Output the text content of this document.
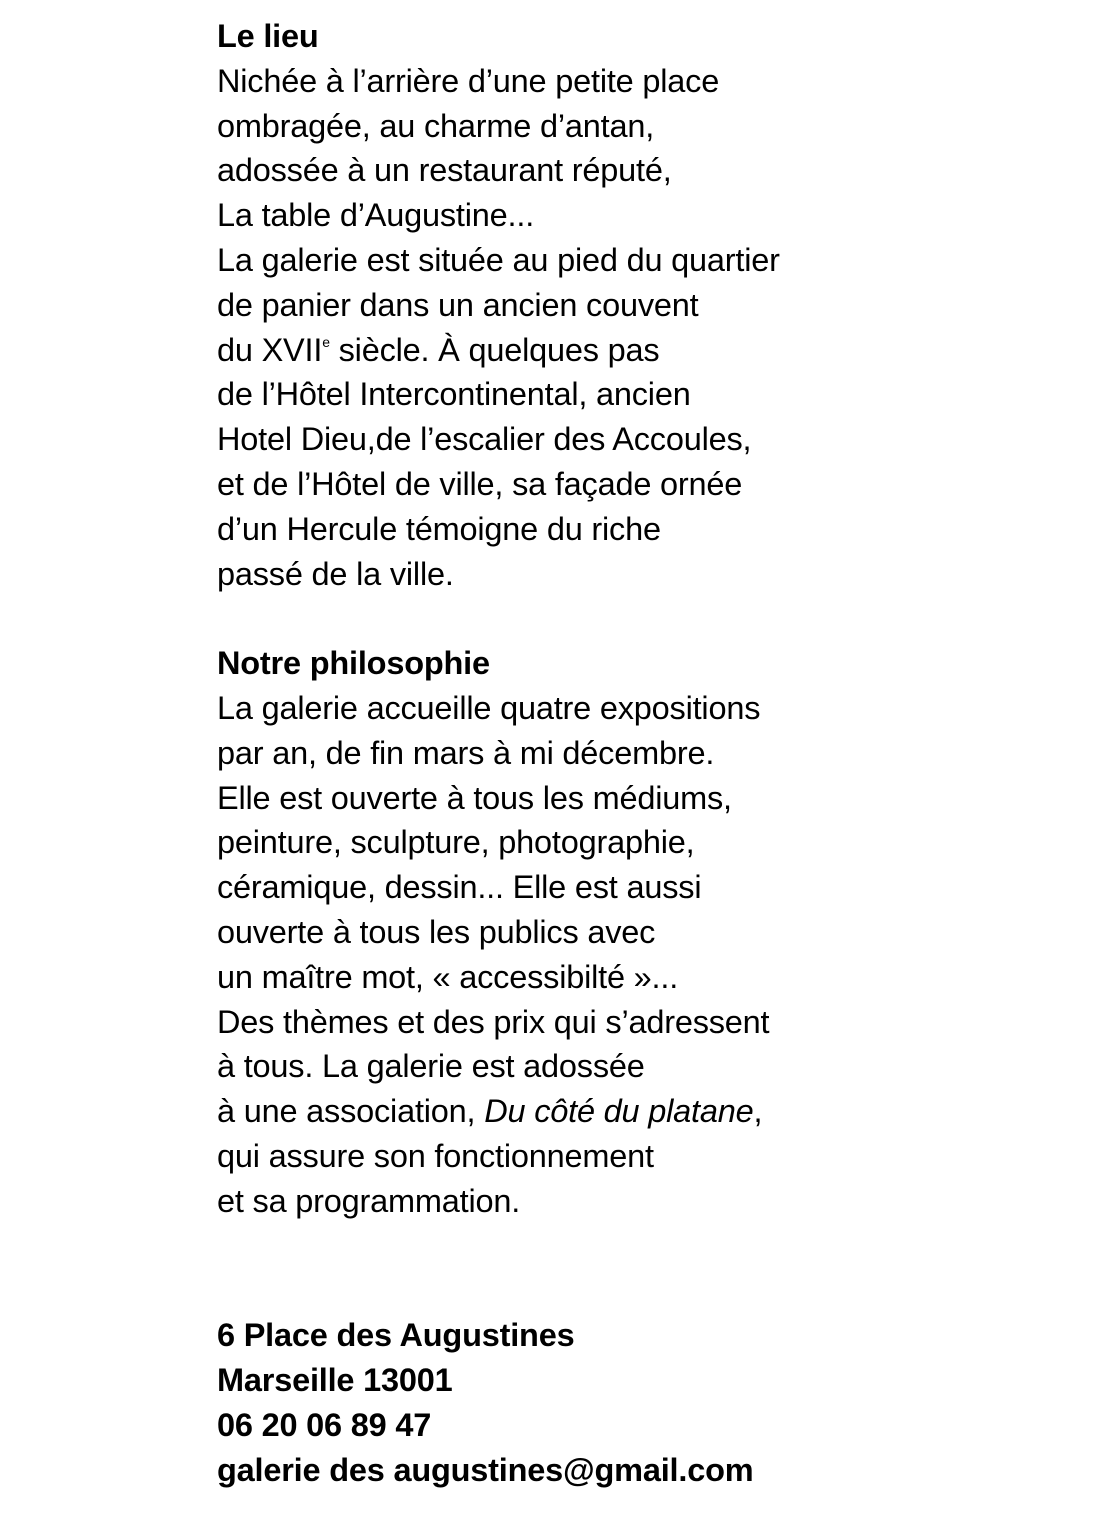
Le lieu
Nichée à l’arrière d’une petite place
ombragée, au charme d’antan,
adossée à un restaurant réputé,
La table d’Augustine...
La galerie est située au pied du quartier
de panier dans un ancien couvent
du XVIIe siècle. À quelques pas
de l’Hôtel Intercontinental, ancien
Hotel Dieu,de l’escalier des Accoules,
et de l’Hôtel de ville, sa façade ornée
d’un Hercule témoigne du riche
passé de la ville.
Notre philosophie
La galerie accueille quatre expositions
par an, de fin mars à mi décembre.
Elle est ouverte à tous les médiums,
peinture, sculpture, photographie,
céramique, dessin... Elle est aussi
ouverte à tous les publics avec
un maître mot, « accessibilté »...
Des thèmes et des prix qui s’adressent
à tous. La galerie est adossée
à une association, Du côté du platane,
qui assure son fonctionnement
et sa programmation.
6 Place des Augustines
Marseille 13001
06 20 06 89 47
galerie des augustines@gmail.com
